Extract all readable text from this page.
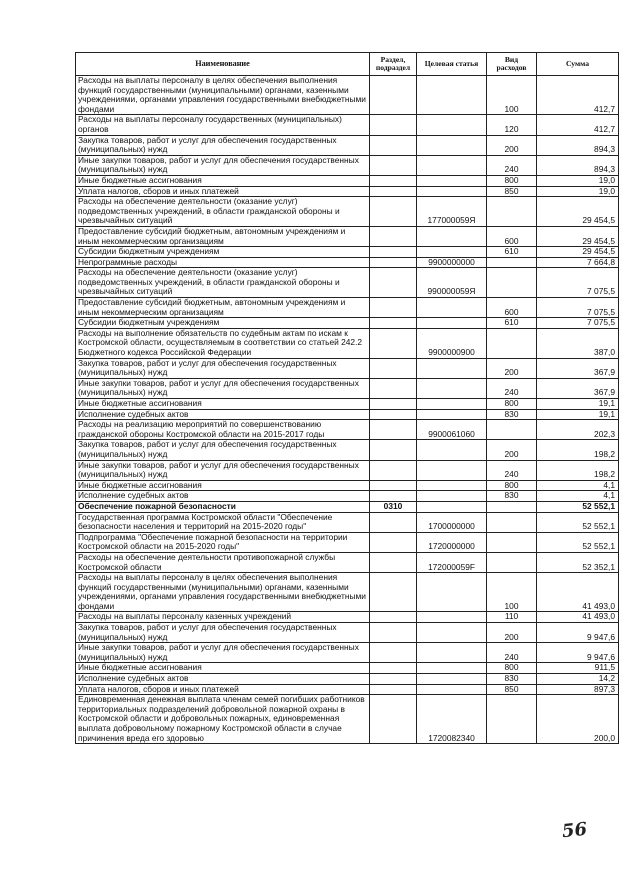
Наименование	Раздел, подраздел	Целевая статья	Вид расходов	Сумма
Расходы на выплаты персоналу в целях обеспечения выполнения функций государственными (муниципальными) органами, казенными учреждениями, органами управления государственными внебюджетными фондами			100	412,7
Расходы на выплаты персоналу государственных (муниципальных) органов			120	412,7
Закупка товаров, работ и услуг для обеспечения государственных (муниципальных) нужд			200	894,3
Иные закупки товаров, работ и услуг для обеспечения государственных (муниципальных) нужд			240	894,3
Иные бюджетные ассигнования			800	19,0
Уплата налогов, сборов и иных платежей			850	19,0
Расходы на обеспечение деятельности (оказание услуг) подведомственных учреждений, в области гражданской обороны и чрезвычайных ситуаций		177000059Я		29 454,5
Предоставление субсидий бюджетным, автономным учреждениям и иным некоммерческим организациям			600	29 454,5
Субсидии бюджетным учреждениям			610	29 454,5
Непрограммные расходы		9900000000		7 664,8
Расходы на обеспечение деятельности (оказание услуг) подведомственных учреждений, в области гражданской обороны и чрезвычайных ситуаций		990000059Я		7 075,5
Предоставление субсидий бюджетным, автономным учреждениям и иным некоммерческим организациям			600	7 075,5
Субсидии бюджетным учреждениям			610	7 075,5
Расходы на выполнение обязательств по судебным актам по искам к Костромской области, осуществляемым в соответствии со статьей 242.2 Бюджетного кодекса Российской Федерации		9900000900		387,0
Закупка товаров, работ и услуг для обеспечения государственных (муниципальных) нужд			200	367,9
Иные закупки товаров, работ и услуг для обеспечения государственных (муниципальных) нужд			240	367,9
Иные бюджетные ассигнования			800	19,1
Исполнение судебных актов			830	19,1
Расходы на реализацию мероприятий по совершенствованию гражданской обороны Костромской области на 2015-2017 годы		9900061060		202,3
Закупка товаров, работ и услуг для обеспечения государственных (муниципальных) нужд			200	198,2
Иные закупки товаров, работ и услуг для обеспечения государственных (муниципальных) нужд			240	198,2
Иные бюджетные ассигнования			800	4,1
Исполнение судебных актов			830	4,1
Обеспечение пожарной безопасности	0310			52 552,1
Государственная программа Костромской области "Обеспечение безопасности населения и территорий на 2015-2020 годы"		1700000000		52 552,1
Подпрограмма "Обеспечение пожарной безопасности на территории Костромской области на 2015-2020 годы"		1720000000		52 552,1
Расходы на обеспечение деятельности противопожарной службы Костромской области		172000059F		52 352,1
Расходы на выплаты персоналу в целях обеспечения выполнения функций государственными (муниципальными) органами, казенными учреждениями, органами управления государственными внебюджетными фондами			100	41 493,0
Расходы на выплаты персоналу казенных учреждений			110	41 493,0
Закупка товаров, работ и услуг для обеспечения государственных (муниципальных) нужд			200	9 947,6
Иные закупки товаров, работ и услуг для обеспечения государственных (муниципальных) нужд			240	9 947,6
Иные бюджетные ассигнования			800	911,5
Исполнение судебных актов			830	14,2
Уплата налогов, сборов и иных платежей			850	897,3
Единовременная денежная выплата членам семей погибших работников территориальных подразделений добровольной пожарной охраны в Костромской области и добровольных пожарных, единовременная выплата добровольному пожарному Костромской области в случае причинения вреда его здоровью		1720082340		200,0
56
